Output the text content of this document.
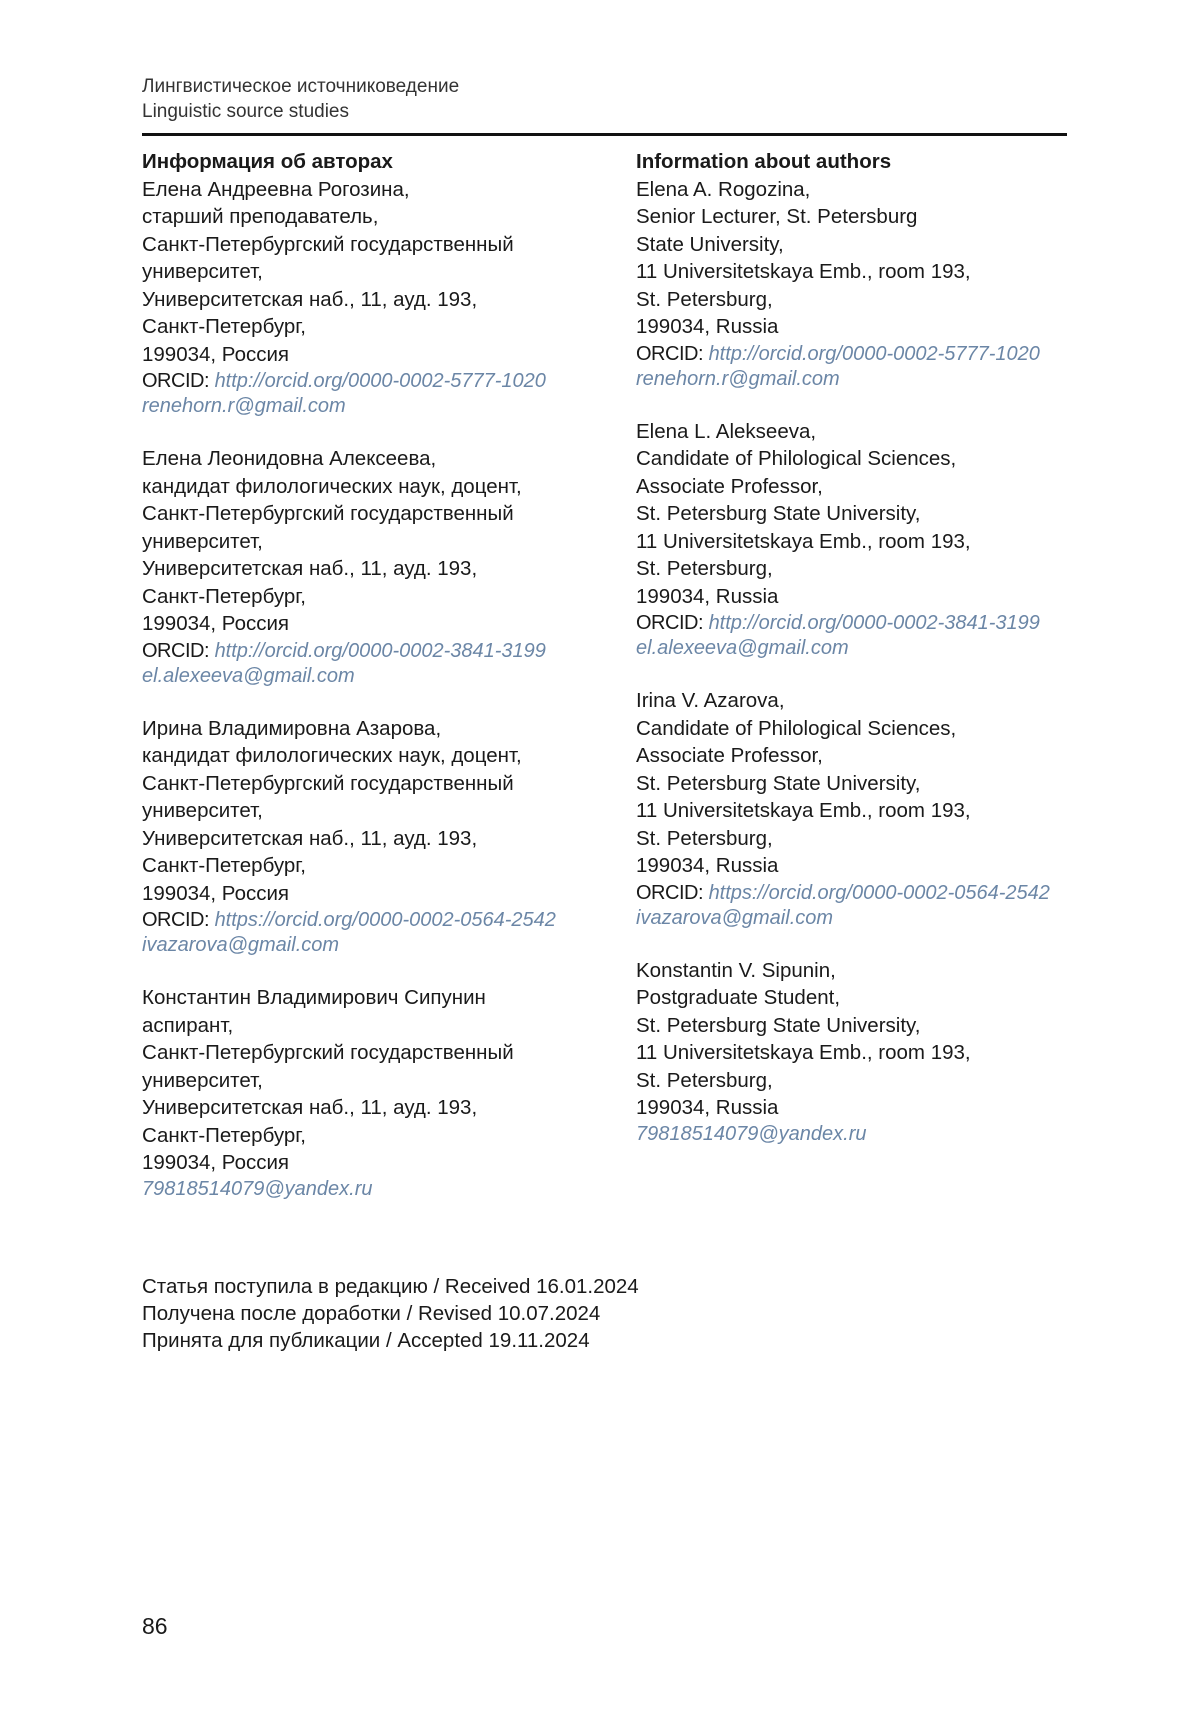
Лингвистическое источниковедение
Linguistic source studies
Информация об авторах
Елена Андреевна Рогозина,
старший преподаватель,
Санкт-Петербургский государственный
университет,
Университетская наб., 11, ауд. 193,
Санкт-Петербург,
199034, Россия
ORCID: http://orcid.org/0000-0002-5777-1020
renehorn.r@gmail.com
Елена Леонидовна Алексеева,
кандидат филологических наук, доцент,
Санкт-Петербургский государственный
университет,
Университетская наб., 11, ауд. 193,
Санкт-Петербург,
199034, Россия
ORCID: http://orcid.org/0000-0002-3841-3199
el.alexeeva@gmail.com
Ирина Владимировна Азарова,
кандидат филологических наук, доцент,
Санкт-Петербургский государственный
университет,
Университетская наб., 11, ауд. 193,
Санкт-Петербург,
199034, Россия
ORCID: https://orcid.org/0000-0002-0564-2542
ivazarova@gmail.com
Константин Владимирович Сипунин
аспирант,
Санкт-Петербургский государственный
университет,
Университетская наб., 11, ауд. 193,
Санкт-Петербург,
199034, Россия
79818514079@yandex.ru
Information about authors
Elena A. Rogozina,
Senior Lecturer, St. Petersburg
State University,
11 Universitetskaya Emb., room 193,
St. Petersburg,
199034, Russia
ORCID: http://orcid.org/0000-0002-5777-1020
renehorn.r@gmail.com
Elena L. Alekseeva,
Candidate of Philological Sciences,
Associate Professor,
St. Petersburg State University,
11 Universitetskaya Emb., room 193,
St. Petersburg,
199034, Russia
ORCID: http://orcid.org/0000-0002-3841-3199
el.alexeeva@gmail.com
Irina V. Azarova,
Candidate of Philological Sciences,
Associate Professor,
St. Petersburg State University,
11 Universitetskaya Emb., room 193,
St. Petersburg,
199034, Russia
ORCID: https://orcid.org/0000-0002-0564-2542
ivazarova@gmail.com
Konstantin V. Sipunin,
Postgraduate Student,
St. Petersburg State University,
11 Universitetskaya Emb., room 193,
St. Petersburg,
199034, Russia
79818514079@yandex.ru
Статья поступила в редакцию / Received 16.01.2024
Получена после доработки / Revised 10.07.2024
Принята для публикации / Accepted 19.11.2024
86
